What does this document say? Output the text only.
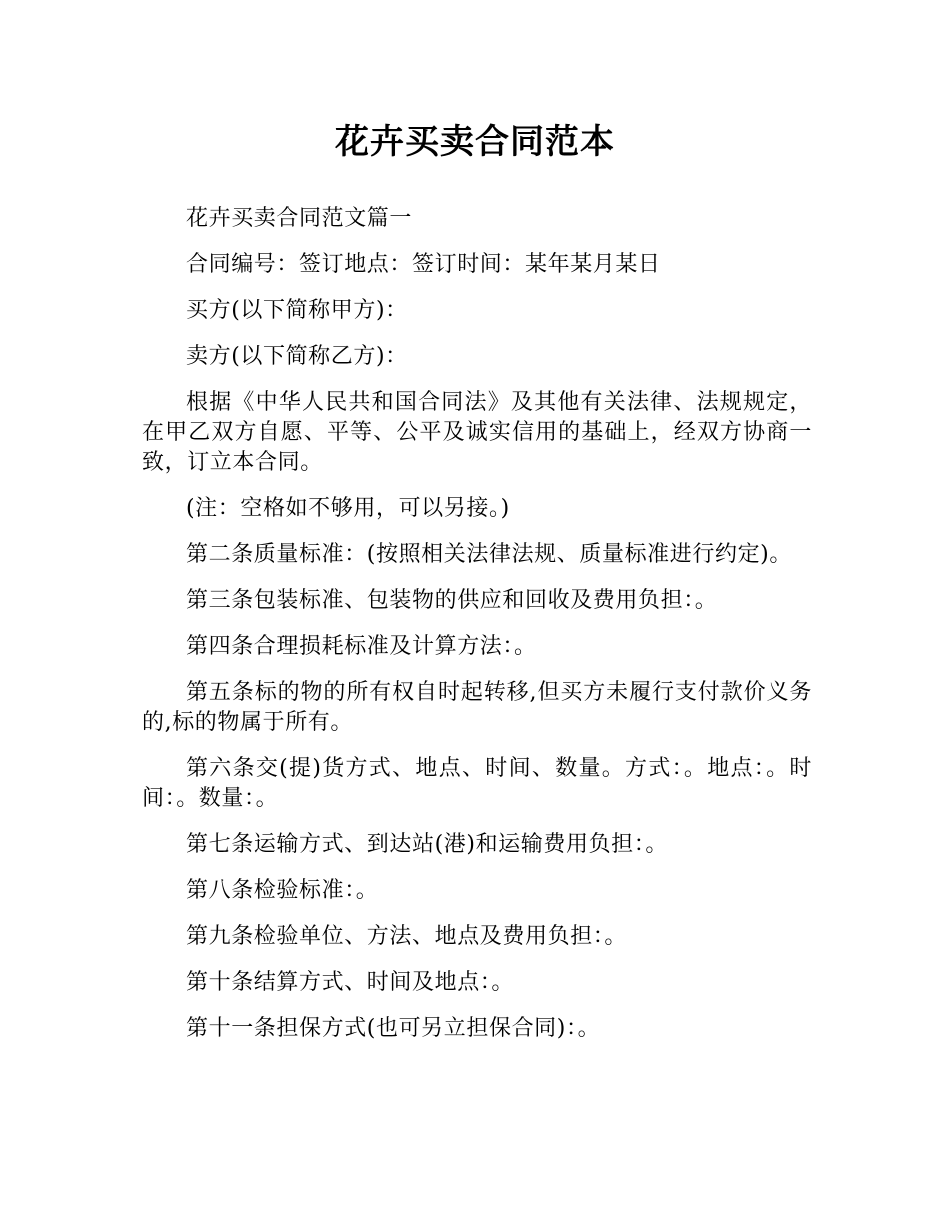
花卉买卖合同范本

花卉买卖合同范文篇一

合同编号：签订地点：签订时间：某年某月某日

买方(以下简称甲方)：

卖方(以下简称乙方)：

根据《中华人民共和国合同法》及其他有关法律、法规规定，在甲乙双方自愿、平等、公平及诚实信用的基础上，经双方协商一致，订立本合同。

(注：空格如不够用，可以另接。)

第二条质量标准：(按照相关法律法规、质量标准进行约定)。

第三条包装标准、包装物的供应和回收及费用负担：。

第四条合理损耗标准及计算方法：。

第五条标的物的所有权自时起转移,但买方未履行支付款价义务的,标的物属于所有。

第六条交(提)货方式、地点、时间、数量。方式：。地点：。时间：。数量：。

第七条运输方式、到达站(港)和运输费用负担：。

第八条检验标准：。

第九条检验单位、方法、地点及费用负担：。

第十条结算方式、时间及地点：。

第十一条担保方式(也可另立担保合同)：。
